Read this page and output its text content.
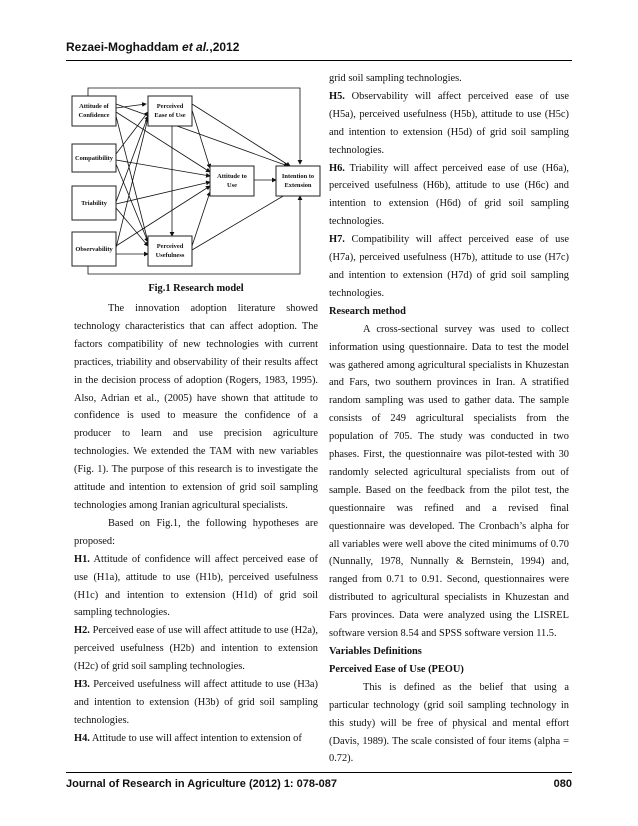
Rezaei-Moghaddam et al.,2012
Attitude of
Confidence
Perceived
Ease of Use
Compatibility
Triability
Observability	Perceived
Usefulness
Attitude to
Use
Intention to
Extension
Fig.1 Research model

The innovation adoption literature showed technology characteristics that can affect adoption. The factors compatibility of new technologies with current practices, triability and observability of their results affect in the decision process of adoption (Rogers, 1983, 1995). Also, Adrian et al., (2005) have shown that attitude to confidence is used to measure the confidence of a producer to learn and use precision agriculture technologies. We extended the TAM with new variables (Fig. 1). The purpose of this research is to investigate the attitude and intention to extension of grid soil sampling technologies among Iranian agricultural specialists.

Based on Fig.1, the following hypotheses are proposed:

H1. Attitude of confidence will affect perceived ease of use (H1a), attitude to use (H1b), perceived usefulness (H1c) and intention to extension (H1d) of grid soil sampling technologies.

H2. Perceived ease of use will affect attitude to use (H2a), perceived usefulness (H2b) and intention to extension (H2c) of grid soil sampling technologies.

H3. Perceived usefulness will affect attitude to use (H3a) and intention to extension (H3b) of grid soil sampling technologies.

H4. Attitude to use will affect intention to extension of

grid soil sampling technologies.

H5. Observability will affect perceived ease of use (H5a), perceived usefulness (H5b), attitude to use (H5c) and intention to extension (H5d) of grid soil sampling technologies.

H6. Triability will affect perceived ease of use (H6a), perceived usefulness (H6b), attitude to use (H6c) and intention to extension (H6d) of grid soil sampling technologies.

H7. Compatibility will affect perceived ease of use (H7a), perceived usefulness (H7b), attitude to use (H7c) and intention to extension (H7d) of grid soil sampling technologies.

Research method

A cross-sectional survey was used to collect information using questionnaire. Data to test the model was gathered among agricultural specialists in Khuzestan and Fars, two southern provinces in Iran. A stratified random sampling was used to gather data. The sample consists of 249 agricultural specialists from the population of 705. The study was conducted in two phases. First, the questionnaire was pilot-tested with 30 randomly selected agricultural specialists from out of sample. Based on the feedback from the pilot test, the questionnaire was refined and a revised final questionnaire was developed. The Cronbach’s alpha for all variables were well above the cited minimums of 0.70 (Nunnally, 1978, Nunnally & Bernstein, 1994) and, ranged from 0.71 to 0.91. Second, questionnaires were distributed to agricultural specialists in Khuzestan and Fars provinces. Data were analyzed using the LISREL software version 8.54 and SPSS software version 11.5.

Variables Definitions

Perceived Ease of Use (PEOU)

This is defined as the belief that using a particular technology (grid soil sampling technology in this study) will be free of physical and mental effort (Davis, 1989). The scale consisted of four items (alpha = 0.72).

Journal of Research in Agriculture (2012) 1: 078-087	080
